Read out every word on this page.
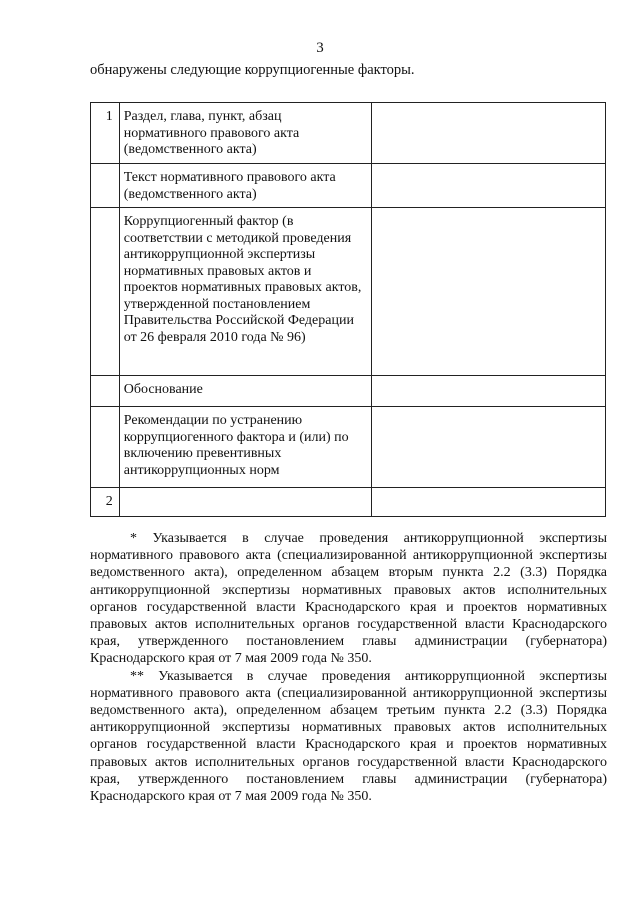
3
обнаружены следующие коррупциогенные факторы.
1	Раздел, глава, пункт, абзац нормативного правового акта (ведомственного акта)	
	Текст нормативного правового акта (ведомственного акта)	
	Коррупциогенный фактор (в соответствии с методикой проведения антикоррупционной экспертизы нормативных правовых актов и проектов нормативных правовых актов, утвержденной постановлением Правительства Российской Федерации от 26 февраля 2010 года № 96)	
	Обоснование	
	Рекомендации по устранению коррупциогенного фактора и (или) по включению превентивных антикоррупционных норм	
2		

* Указывается в случае проведения антикоррупционной экспертизы нормативного правового акта (специализированной антикоррупционной экспертизы ведомственного акта), определенном абзацем вторым пункта 2.2 (3.3) Порядка антикоррупционной экспертизы нормативных правовых актов исполнительных органов государственной власти Краснодарского края и проектов нормативных правовых актов исполнительных органов государственной власти Краснодарского края, утвержденного постановлением главы администрации (губернатора) Краснодарского края от 7 мая 2009 года № 350.

** Указывается в случае проведения антикоррупционной экспертизы нормативного правового акта (специализированной антикоррупционной экспертизы ведомственного акта), определенном абзацем третьим пункта 2.2 (3.3) Порядка антикоррупционной экспертизы нормативных правовых актов исполнительных органов государственной власти Краснодарского края и проектов нормативных правовых актов исполнительных органов государственной власти Краснодарского края, утвержденного постановлением главы администрации (губернатора) Краснодарского края от 7 мая 2009 года № 350.
